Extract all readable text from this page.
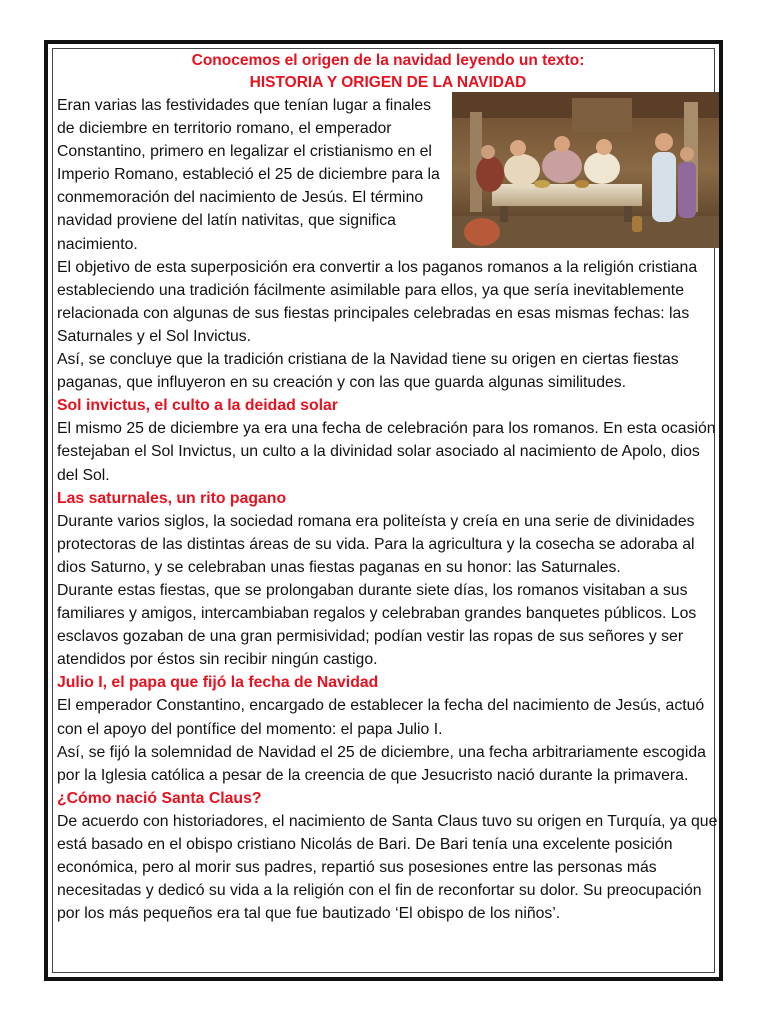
Conocemos el origen de la navidad leyendo un texto:

HISTORIA Y ORIGEN DE LA NAVIDAD

Eran varias las festividades que tenían lugar a finales de diciembre en territorio romano, el emperador Constantino, primero en legalizar el cristianismo en el Imperio Romano, estableció el 25 de diciembre para la conmemoración del nacimiento de Jesús. El término navidad proviene del latín nativitas, que significa nacimiento.

El objetivo de esta superposición era convertir a los paganos romanos a la religión cristiana estableciendo una tradición fácilmente asimilable para ellos, ya que sería inevitablemente relacionada con algunas de sus fiestas principales celebradas en esas mismas fechas: las Saturnales y el Sol Invictus.

Así, se concluye que la tradición cristiana de la Navidad tiene su origen en ciertas fiestas paganas, que influyeron en su creación y con las que guarda algunas similitudes.

Sol invictus, el culto a la deidad solar

El mismo 25 de diciembre ya era una fecha de celebración para los romanos. En esta ocasión festejaban el Sol Invictus, un culto a la divinidad solar asociado al nacimiento de Apolo, dios del Sol.

Las saturnales, un rito pagano

Durante varios siglos, la sociedad romana era politeísta y creía en una serie de divinidades protectoras de las distintas áreas de su vida. Para la agricultura y la cosecha se adoraba al dios Saturno, y se celebraban unas fiestas paganas en su honor: las Saturnales.

Durante estas fiestas, que se prolongaban durante siete días, los romanos visitaban a sus familiares y amigos, intercambiaban regalos y celebraban grandes banquetes públicos. Los esclavos gozaban de una gran permisividad; podían vestir las ropas de sus señores y ser atendidos por éstos sin recibir ningún castigo.

Julio I, el papa que fijó la fecha de Navidad

El emperador Constantino, encargado de establecer la fecha del nacimiento de Jesús, actuó con el apoyo del pontífice del momento: el papa Julio I.

Así, se fijó la solemnidad de Navidad el 25 de diciembre, una fecha arbitrariamente escogida por la Iglesia católica a pesar de la creencia de que Jesucristo nació durante la primavera.

¿Cómo nació Santa Claus?

De acuerdo con historiadores, el nacimiento de Santa Claus tuvo su origen en Turquía, ya que está basado en el obispo cristiano Nicolás de Bari. De Bari tenía una excelente posición económica, pero al morir sus padres, repartió sus posesiones entre las personas más necesitadas y dedicó su vida a la religión con el fin de reconfortar su dolor. Su preocupación por los más pequeños era tal que fue bautizado ‘El obispo de los niños’.
